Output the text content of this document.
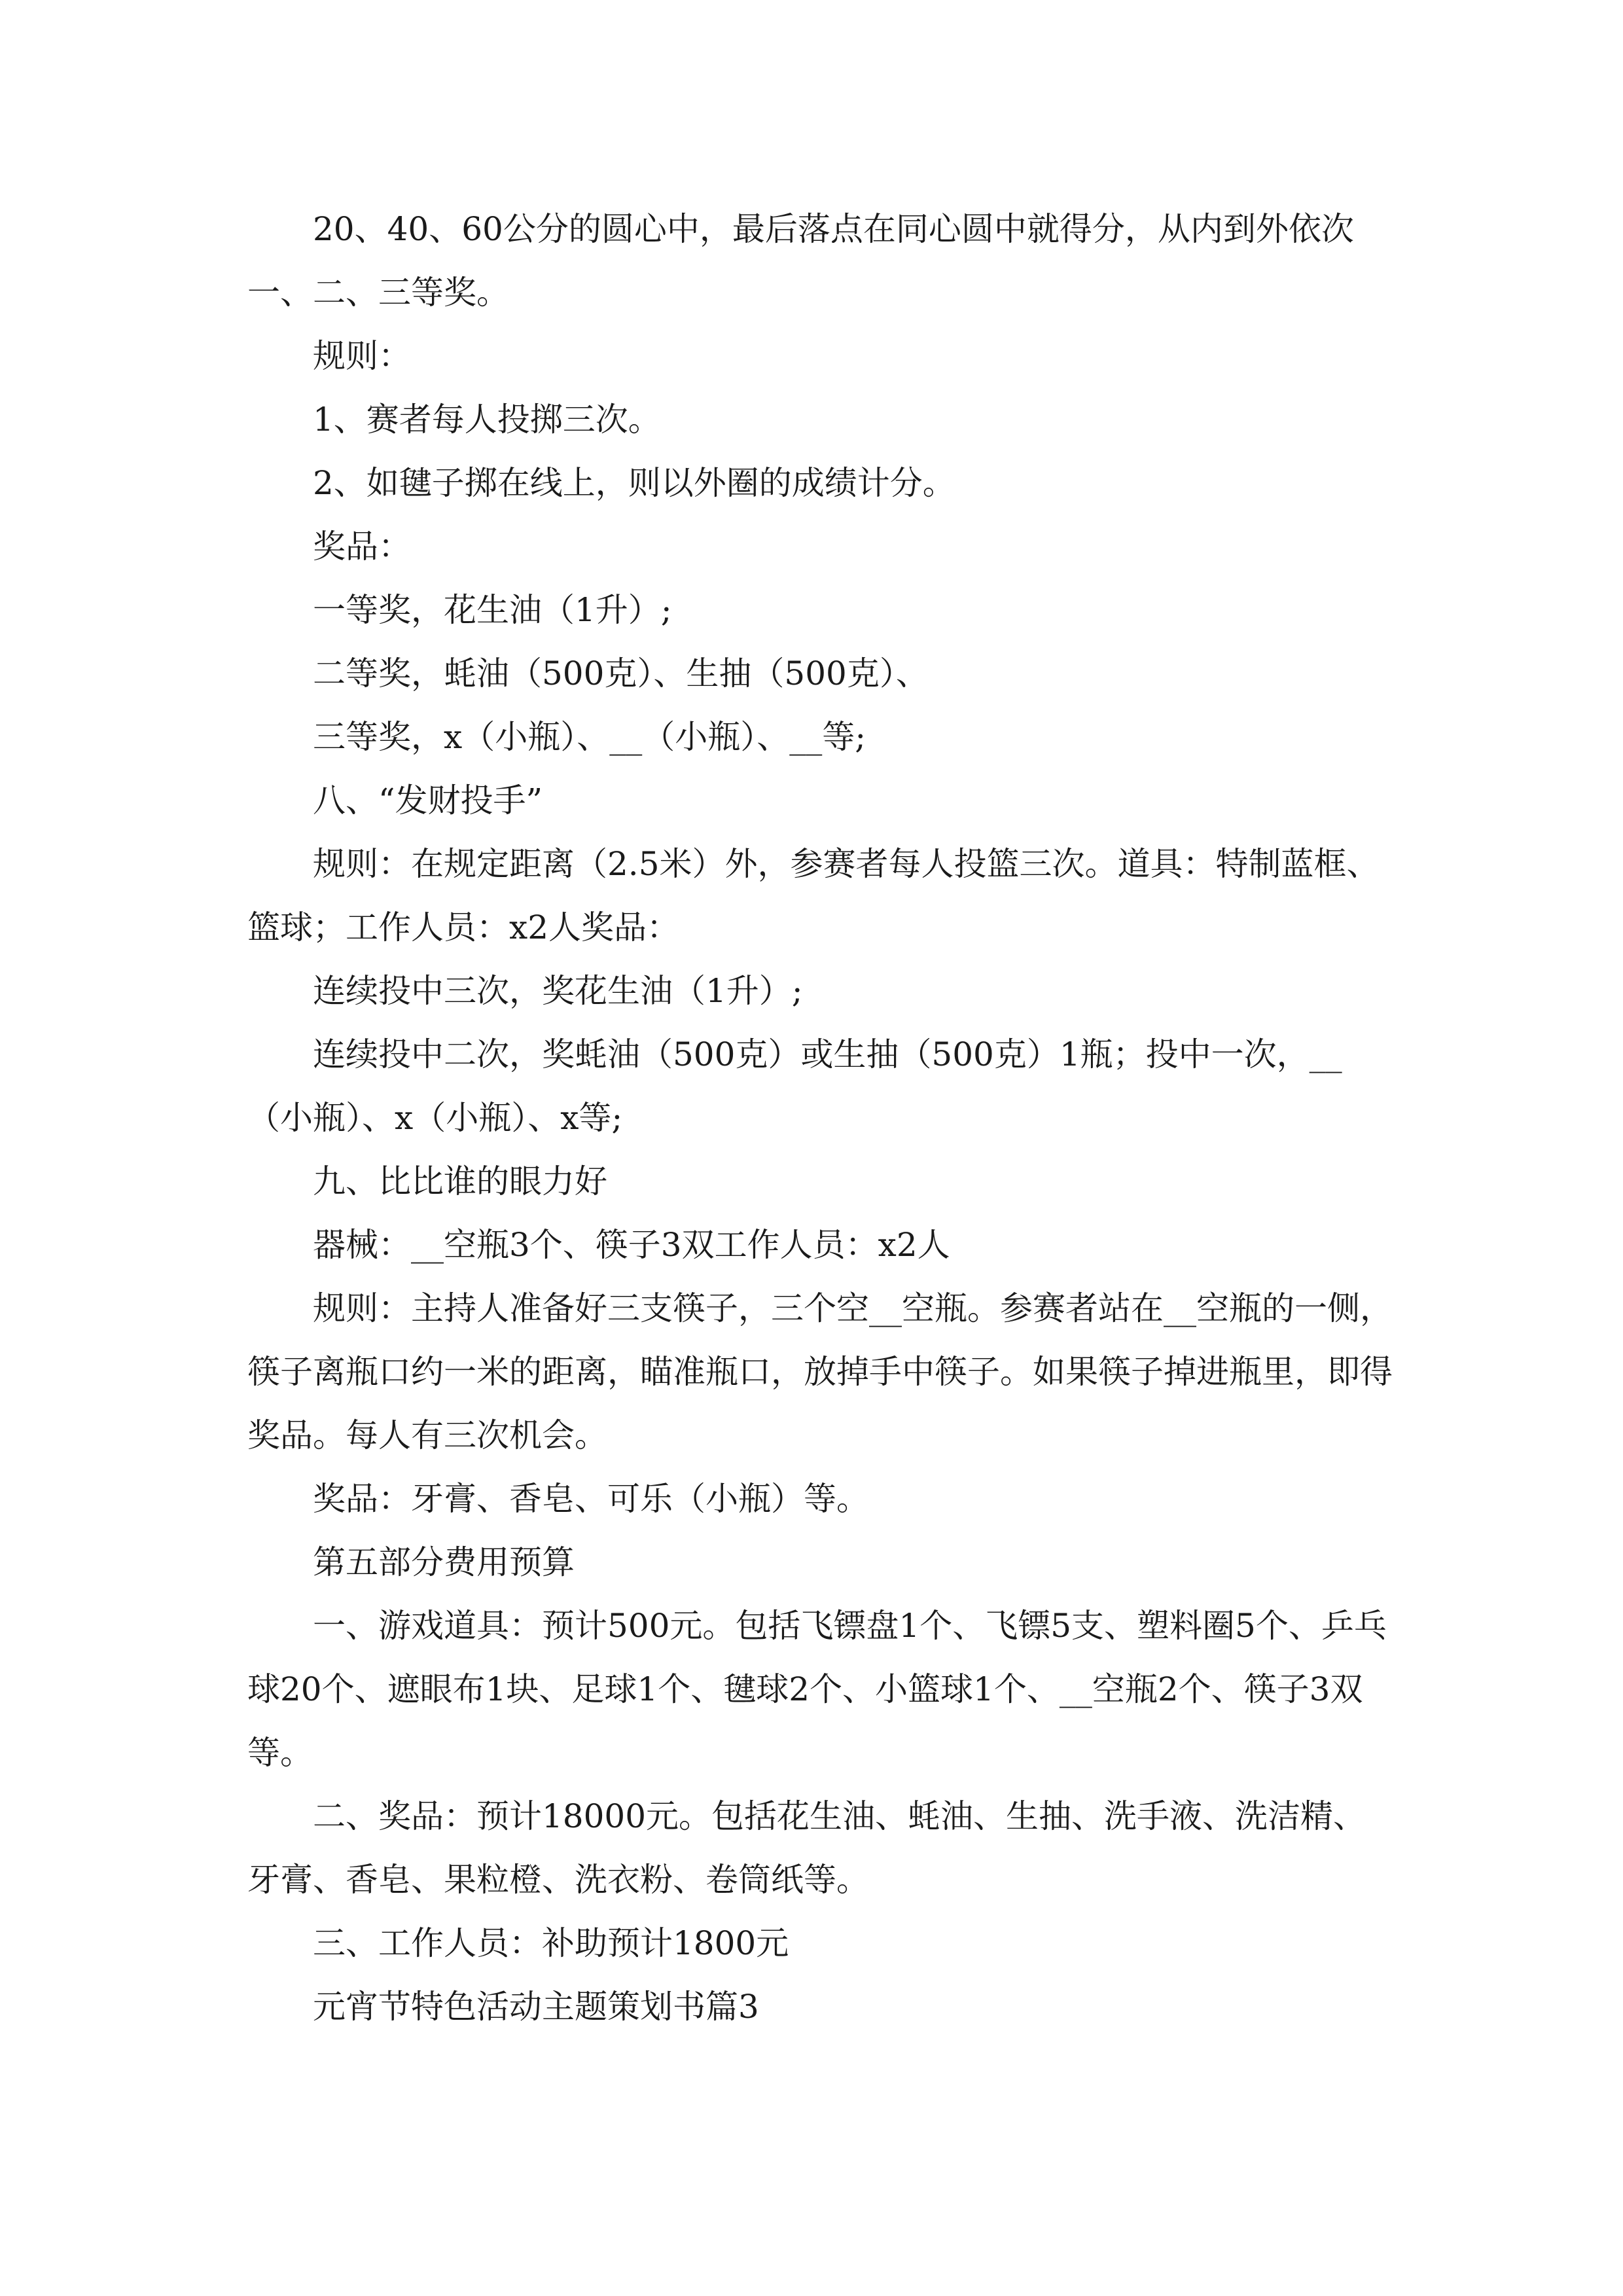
20、40、60公分的圆心中，最后落点在同心圆中就得分，从内到外依次一、二、三等奖。

规则：

1、赛者每人投掷三次。

2、如毽子掷在线上，则以外圈的成绩计分。

奖品：

一等奖，花生油（1升）;

二等奖，蚝油（500克）、生抽（500克）、

三等奖，x（小瓶）、__（小瓶）、__等;

八、“发财投手”

规则：在规定距离（2.5米）外，参赛者每人投篮三次。道具：特制蓝框、篮球；工作人员：x2人奖品：

连续投中三次，奖花生油（1升）;

连续投中二次，奖蚝油（500克）或生抽（500克）1瓶；投中一次，__（小瓶）、x（小瓶）、x等;

九、比比谁的眼力好

器械：__空瓶3个、筷子3双工作人员：x2人

规则：主持人准备好三支筷子，三个空__空瓶。参赛者站在__空瓶的一侧，筷子离瓶口约一米的距离，瞄准瓶口，放掉手中筷子。如果筷子掉进瓶里，即得奖品。每人有三次机会。

奖品：牙膏、香皂、可乐（小瓶）等。

第五部分费用预算

一、游戏道具：预计500元。包括飞镖盘1个、飞镖5支、塑料圈5个、乒乓球20个、遮眼布1块、足球1个、毽球2个、小篮球1个、__空瓶2个、筷子3双等。

二、奖品：预计18000元。包括花生油、蚝油、生抽、洗手液、洗洁精、牙膏、香皂、果粒橙、洗衣粉、卷筒纸等。

三、工作人员：补助预计1800元

元宵节特色活动主题策划书篇3
